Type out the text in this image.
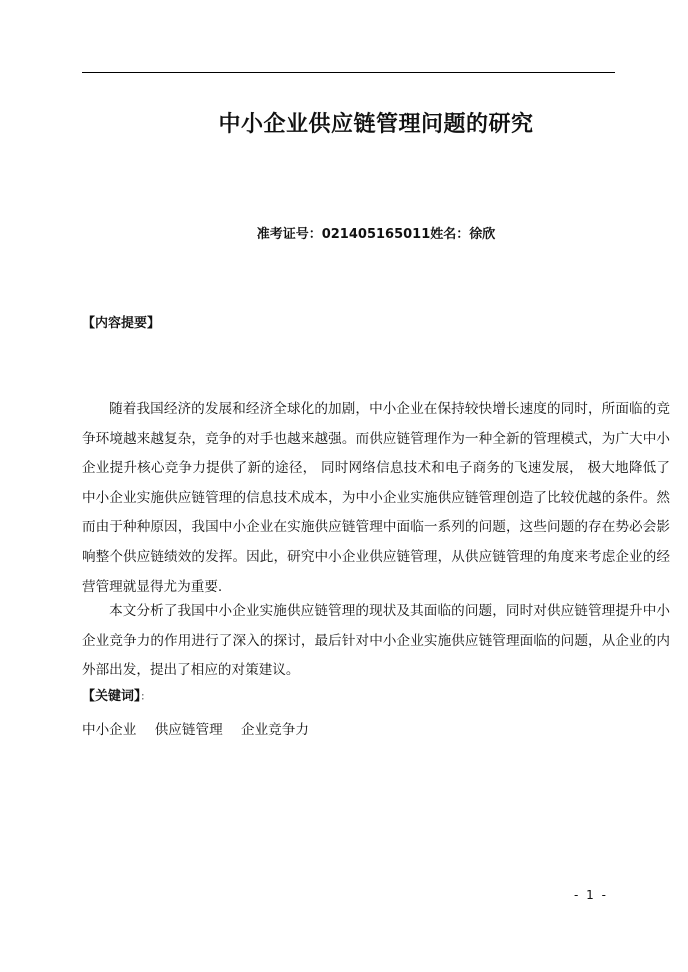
中小企业供应链管理问题的研究
准考证号：021405165011姓名：徐欣
【内容提要】

随着我国经济的发展和经济全球化的加剧，中小企业在保持较快增长速度的同时，所面临的竞争环境越来越复杂，竞争的对手也越来越强。而供应链管理作为一种全新的管理模式，为广大中小企业提升核心竞争力提供了新的途径， 同时网络信息技术和电子商务的飞速发展， 极大地降低了中小企业实施供应链管理的信息技术成本，为中小企业实施供应链管理创造了比较优越的条件。然而由于种种原因，我国中小企业在实施供应链管理中面临一系列的问题，这些问题的存在势必会影响整个供应链绩效的发挥。因此，研究中小企业供应链管理，从供应链管理的角度来考虑企业的经营管理就显得尤为重要.

本文分析了我国中小企业实施供应链管理的现状及其面临的问题，同时对供应链管理提升中小企业竞争力的作用进行了深入的探讨，最后针对中小企业实施供应链管理面临的问题，从企业的内外部出发，提出了相应的对策建议。

【关键词】：
中小企业 供应链管理 企业竞争力
- 1 -
